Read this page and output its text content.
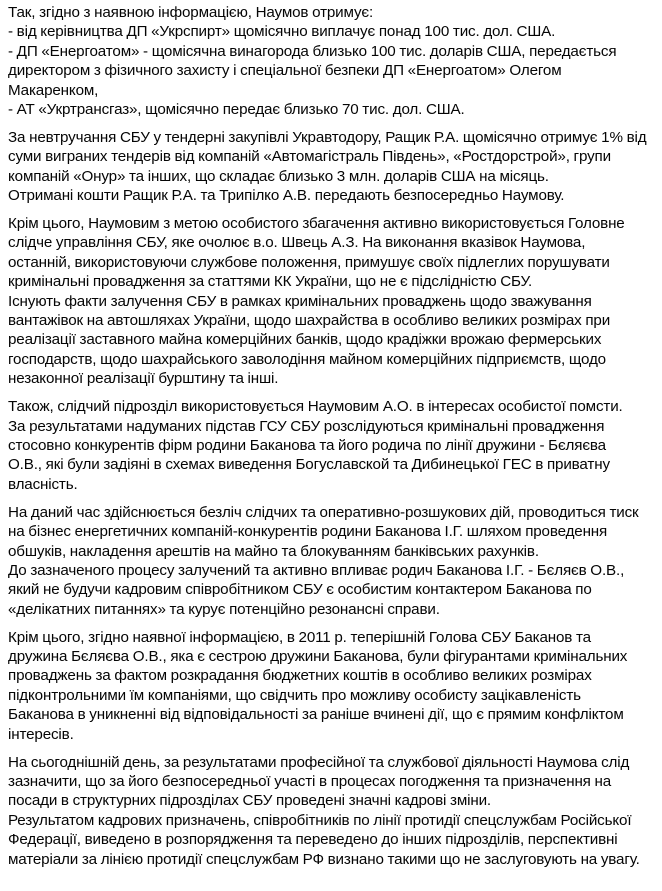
Так, згідно з наявною інформацією, Наумов отримує:
- від керівництва ДП «Укрспирт» щомісячно виплачує понад 100 тис. дол. США.
- ДП «Енергоатом» - щомісячна винагорода близько 100 тис. доларів США, передається
директором з фізичного захисту і спеціальної безпеки ДП «Енергоатом» Олегом
Макаренком,
- АТ «Укртрансгаз», щомісячно передає близько 70 тис. дол. США.
За невтручання СБУ у тендерні закупівлі Укравтодору, Ращик Р.А. щомісячно отримує 1% від
суми виграних тендерів від компаній «Автомагістраль Південь», «Ростдорстрой», групи
компаній «Онур» та інших, що складає близько 3 млн. доларів США на місяць.
Отримані кошти Ращик Р.А. та Трипілко А.В. передають безпосередньо Наумову.
Крім цього, Наумовим з метою особистого збагачення активно використовується Головне
слідче управління СБУ, яке очолює в.о. Швець А.З. На виконання вказівок Наумова,
останній, використовуючи службове положення, примушує своїх підлеглих порушувати
кримінальні провадження за статтями КК України, що не є підслідністю СБУ.
Існують факти залучення СБУ в рамках кримінальних проваджень щодо зважування
вантажівок на автошляхах України, щодо шахрайства в особливо великих розмірах при
реалізації заставного майна комерційних банків, щодо крадіжки врожаю фермерських
господарств, щодо шахрайського заволодіння майном комерційних підприємств, щодо
незаконної реалізації бурштину та інші.
Також, слідчий підрозділ використовується Наумовим А.О. в інтересах особистої помсти.
За результатами надуманих підстав ГСУ СБУ розслідуються кримінальні провадження
стосовно конкурентів фірм родини Баканова та його родича по лінії дружини - Бєляєва
О.В., які були задіяні в схемах виведення Богуславской та Дибинецької ГЕС в приватну
власність.
На даний час здійснюється безліч слідчих та оперативно-розшукових дій, проводиться тиск
на бізнес енергетичних компаній-конкурентів родини Баканова І.Г. шляхом проведення
обшуків, накладення арештів на майно та блокуванням банківських рахунків.
До зазначеного процесу залучений та активно впливає родич Баканова І.Г. - Бєляєв О.В.,
який не будучи кадровим співробітником СБУ є особистим контактером Баканова по
«делікатних питаннях» та курує потенційно резонансні справи.
Крім цього, згідно наявної інформацією, в 2011 р. теперішній Голова СБУ Баканов та
дружина Бєляєва О.В., яка є сестрою дружини Баканова, були фігурантами кримінальних
проваджень за фактом розкрадання бюджетних коштів в особливо великих розмірах
підконтрольними їм компаніями, що свідчить про можливу особисту зацікавленість
Баканова в уникненні від відповідальності за раніше вчинені дії, що є прямим конфліктом
інтересів.
На сьогоднішній день, за результатами професійної та службової діяльності Наумова слід
зазначити, що за його безпосередньої участі в процесах погодження та призначення на
посади в структурних підрозділах СБУ проведені значні кадрові зміни.
Результатом кадрових призначень, співробітників по лінії протидії спецслужбам Російської
Федерації, виведено в розпорядження та переведено до інших підрозділів, перспективні
матеріали за лінією протидії спецслужбам РФ визнано такими що не заслуговують на увагу.
